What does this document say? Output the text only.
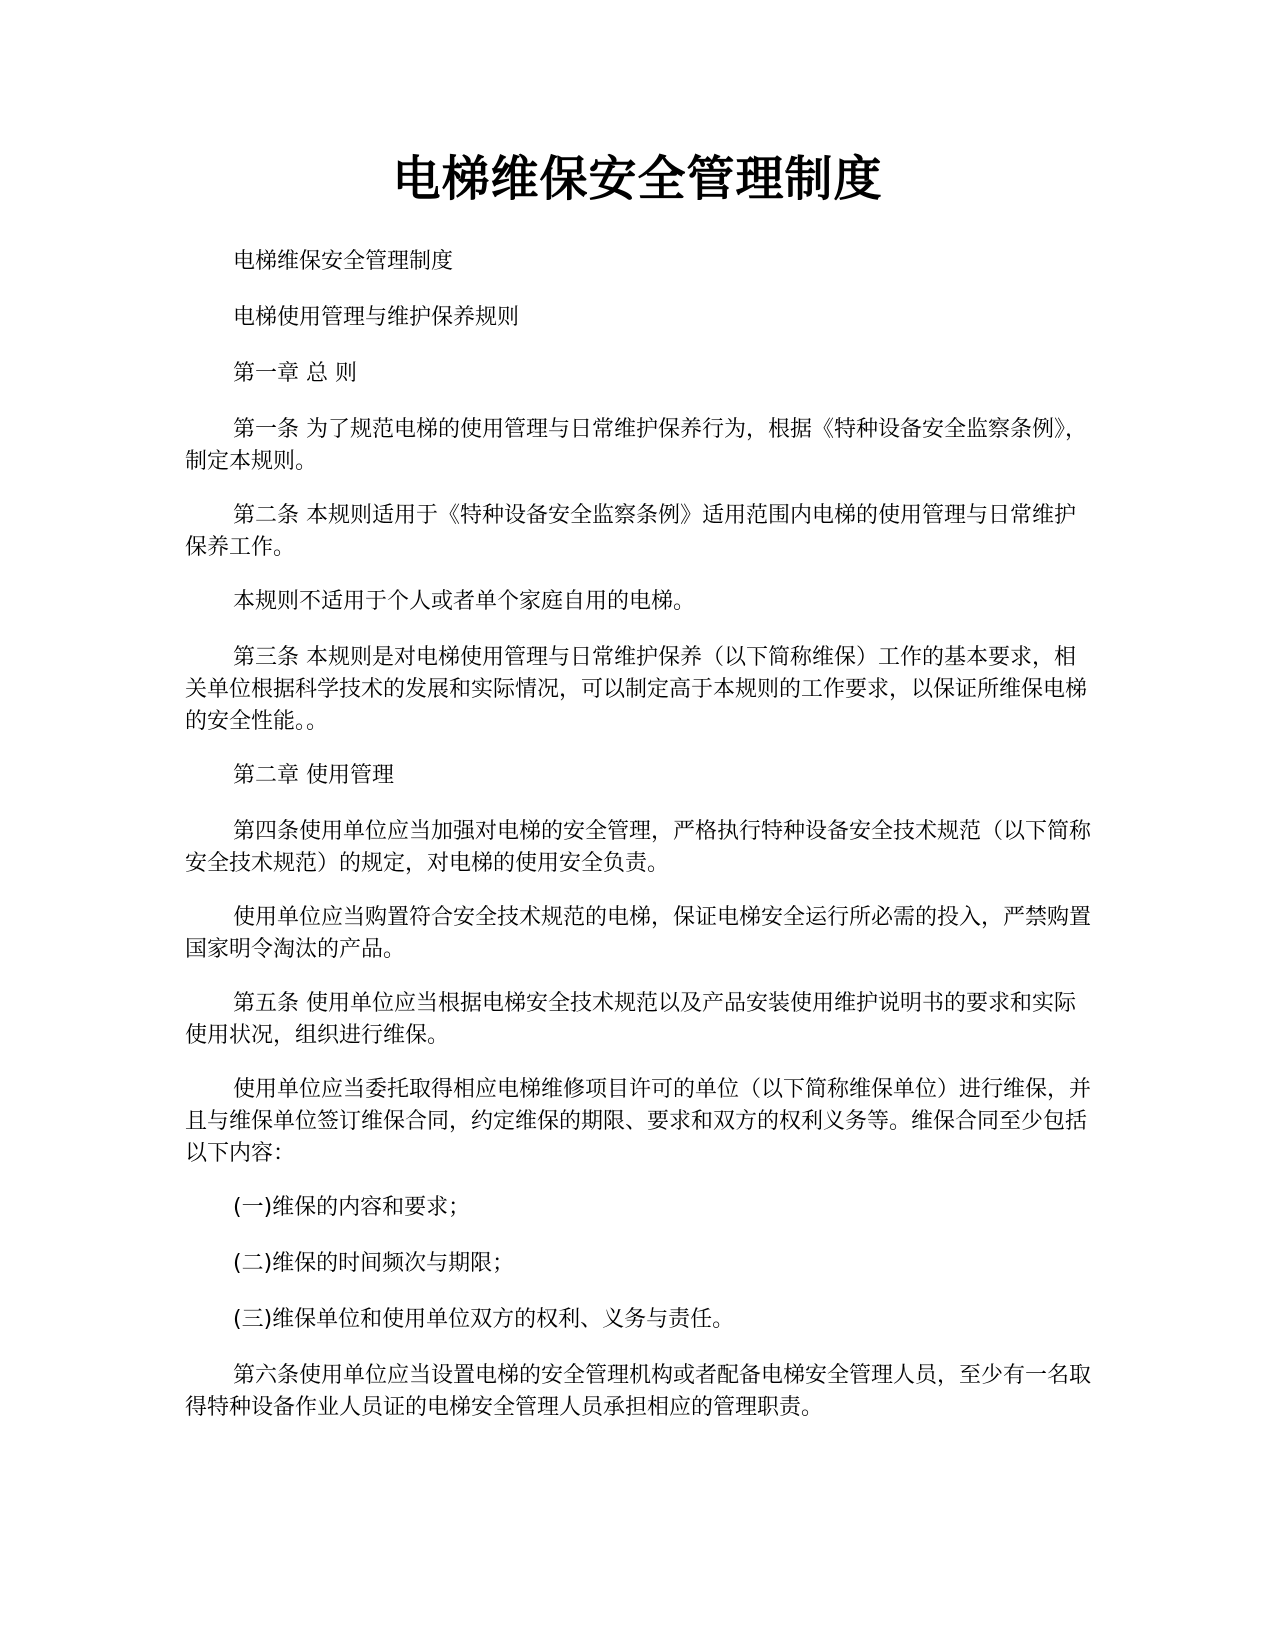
电梯维保安全管理制度

电梯维保安全管理制度

电梯使用管理与维护保养规则

第一章 总 则

第一条 为了规范电梯的使用管理与日常维护保养行为，根据《特种设备安全监察条例》，制定本规则。

第二条 本规则适用于《特种设备安全监察条例》适用范围内电梯的使用管理与日常维护保养工作。

本规则不适用于个人或者单个家庭自用的电梯。

第三条 本规则是对电梯使用管理与日常维护保养（以下简称维保）工作的基本要求，相关单位根据科学技术的发展和实际情况，可以制定高于本规则的工作要求，以保证所维保电梯的安全性能。。

第二章 使用管理

第四条使用单位应当加强对电梯的安全管理，严格执行特种设备安全技术规范（以下简称安全技术规范）的规定，对电梯的使用安全负责。

使用单位应当购置符合安全技术规范的电梯，保证电梯安全运行所必需的投入，严禁购置国家明令淘汰的产品。

第五条 使用单位应当根据电梯安全技术规范以及产品安装使用维护说明书的要求和实际使用状况，组织进行维保。

使用单位应当委托取得相应电梯维修项目许可的单位（以下简称维保单位）进行维保，并且与维保单位签订维保合同，约定维保的期限、要求和双方的权利义务等。维保合同至少包括以下内容：

(一)维保的内容和要求；

(二)维保的时间频次与期限；

(三)维保单位和使用单位双方的权利、义务与责任。

第六条使用单位应当设置电梯的安全管理机构或者配备电梯安全管理人员，至少有一名取得特种设备作业人员证的电梯安全管理人员承担相应的管理职责。
